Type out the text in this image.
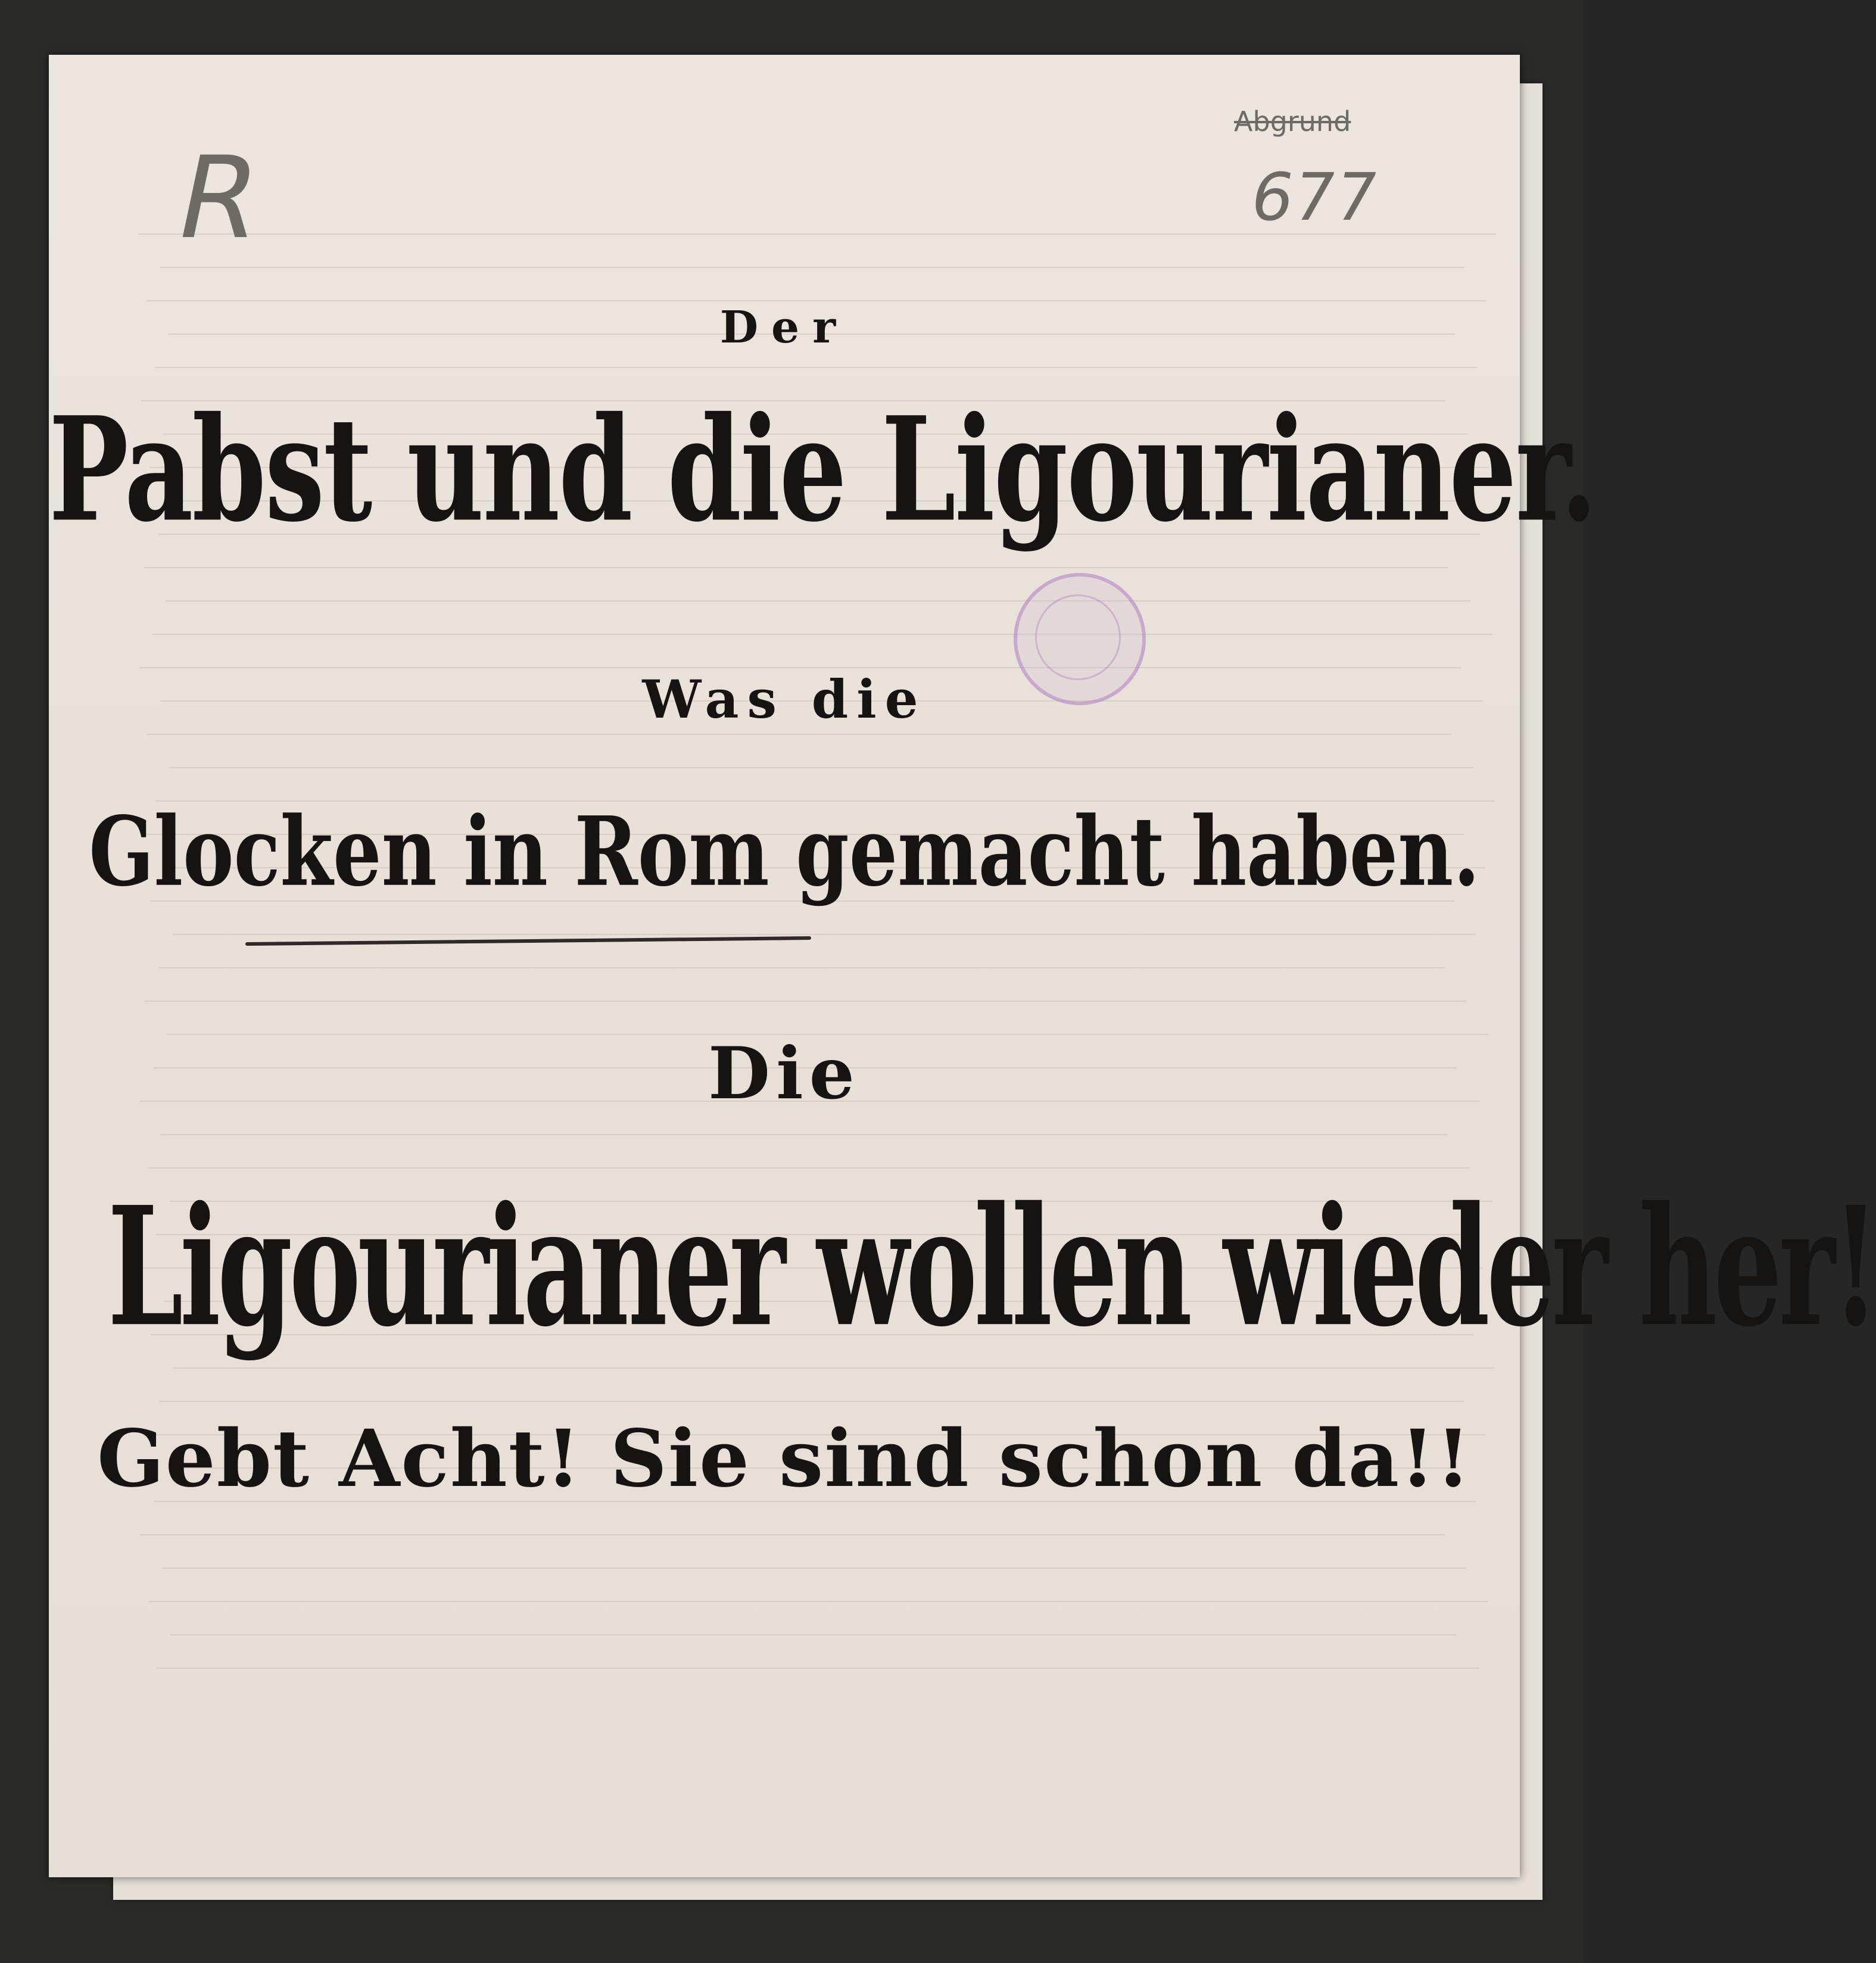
R
Abgrund
677
Der
Pabst und die Ligourianer.
Was die
Glocken in Rom gemacht haben.
Die
Ligourianer wollen wieder her!
Gebt Acht! Sie sind schon da!!
